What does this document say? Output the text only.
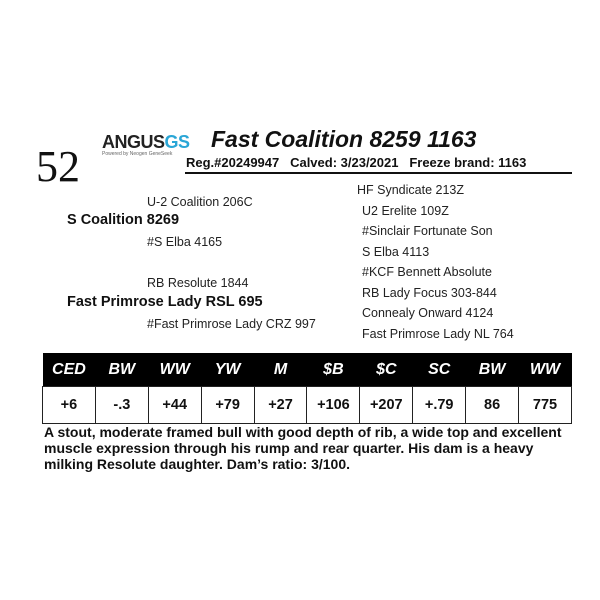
52 ANGUSGS
Powered by Neogen GeneSeek
Fast Coalition 8259 1163
Reg.#20249947   Calved: 3/23/2021   Freeze brand: 1163
U-2 Coalition 206C
S Coalition 8269
#S Elba 4165
RB Resolute 1844
Fast Primrose Lady RSL 695
#Fast Primrose Lady CRZ 997
HF Syndicate 213Z
U2 Erelite 109Z
#Sinclair Fortunate Son
S Elba 4113
#KCF Bennett Absolute
RB Lady Focus 303-844
Connealy Onward 4124
Fast Primrose Lady NL 764
CED	BW	WW	YW	M	$B	$C	SC	BW	WW
+6	-.3	+44	+79	+27	+106	+207	+.79	86	775
A stout, moderate framed bull with good depth of rib, a wide top and excellent muscle expression through his rump and rear quarter. His dam is a heavy milking Resolute daughter. Dam’s ratio: 3/100.
